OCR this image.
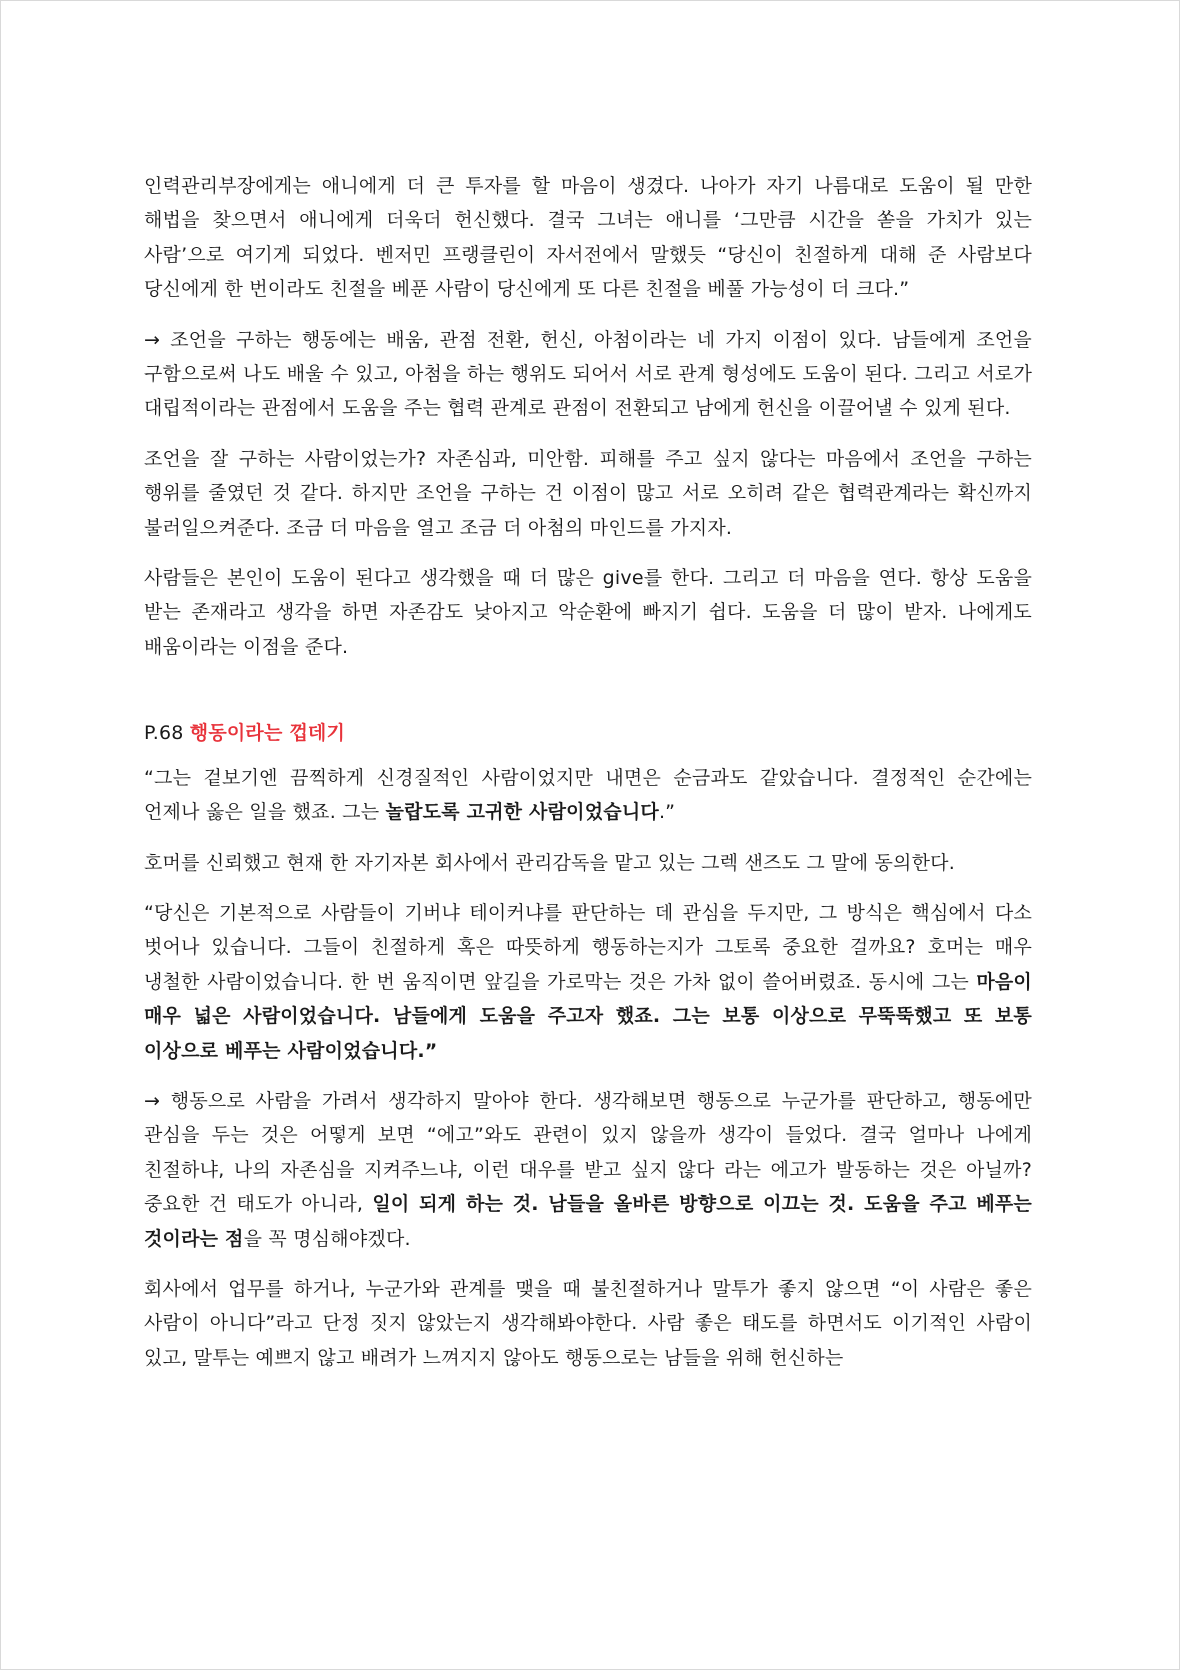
인력관리부장에게는 애니에게 더 큰 투자를 할 마음이 생겼다. 나아가 자기 나름대로 도움이 될 만한 해법을 찾으면서 애니에게 더욱더 헌신했다. 결국 그녀는 애니를 ‘그만큼 시간을 쏟을 가치가 있는 사람’으로 여기게 되었다. 벤저민 프랭클린이 자서전에서 말했듯 “당신이 친절하게 대해 준 사람보다 당신에게 한 번이라도 친절을 베푼 사람이 당신에게 또 다른 친절을 베풀 가능성이 더 크다.”

→ 조언을 구하는 행동에는 배움, 관점 전환, 헌신, 아첨이라는 네 가지 이점이 있다. 남들에게 조언을 구함으로써 나도 배울 수 있고, 아첨을 하는 행위도 되어서 서로 관계 형성에도 도움이 된다. 그리고 서로가 대립적이라는 관점에서 도움을 주는 협력 관계로 관점이 전환되고 남에게 헌신을 이끌어낼 수 있게 된다.

조언을 잘 구하는 사람이었는가? 자존심과, 미안함. 피해를 주고 싶지 않다는 마음에서 조언을 구하는 행위를 줄였던 것 같다. 하지만 조언을 구하는 건 이점이 많고 서로 오히려 같은 협력관계라는 확신까지 불러일으켜준다. 조금 더 마음을 열고 조금 더 아첨의 마인드를 가지자.

사람들은 본인이 도움이 된다고 생각했을 때 더 많은 give를 한다. 그리고 더 마음을 연다. 항상 도움을 받는 존재라고 생각을 하면 자존감도 낮아지고 악순환에 빠지기 쉽다. 도움을 더 많이 받자. 나에게도 배움이라는 이점을 준다.

P.68 행동이라는 껍데기

“그는 겉보기엔 끔찍하게 신경질적인 사람이었지만 내면은 순금과도 같았습니다. 결정적인 순간에는 언제나 옳은 일을 했죠. 그는 놀랍도록 고귀한 사람이었습니다.”

호머를 신뢰했고 현재 한 자기자본 회사에서 관리감독을 맡고 있는 그렉 샌즈도 그 말에 동의한다.

“당신은 기본적으로 사람들이 기버냐 테이커냐를 판단하는 데 관심을 두지만, 그 방식은 핵심에서 다소 벗어나 있습니다. 그들이 친절하게 혹은 따뜻하게 행동하는지가 그토록 중요한 걸까요? 호머는 매우 냉철한 사람이었습니다. 한 번 움직이면 앞길을 가로막는 것은 가차 없이 쓸어버렸죠. 동시에 그는 마음이 매우 넓은 사람이었습니다. 남들에게 도움을 주고자 했죠. 그는 보통 이상으로 무뚝뚝했고 또 보통 이상으로 베푸는 사람이었습니다.”

→ 행동으로 사람을 가려서 생각하지 말아야 한다. 생각해보면 행동으로 누군가를 판단하고, 행동에만 관심을 두는 것은 어떻게 보면 “에고”와도 관련이 있지 않을까 생각이 들었다. 결국 얼마나 나에게 친절하냐, 나의 자존심을 지켜주느냐, 이런 대우를 받고 싶지 않다 라는 에고가 발동하는 것은 아닐까? 중요한 건 태도가 아니라, 일이 되게 하는 것. 남들을 올바른 방향으로 이끄는 것. 도움을 주고 베푸는 것이라는 점을 꼭 명심해야겠다.

회사에서 업무를 하거나, 누군가와 관계를 맺을 때 불친절하거나 말투가 좋지 않으면 “이 사람은 좋은 사람이 아니다”라고 단정 짓지 않았는지 생각해봐야한다. 사람 좋은 태도를 하면서도 이기적인 사람이 있고, 말투는 예쁘지 않고 배려가 느껴지지 않아도 행동으로는 남들을 위해 헌신하는
